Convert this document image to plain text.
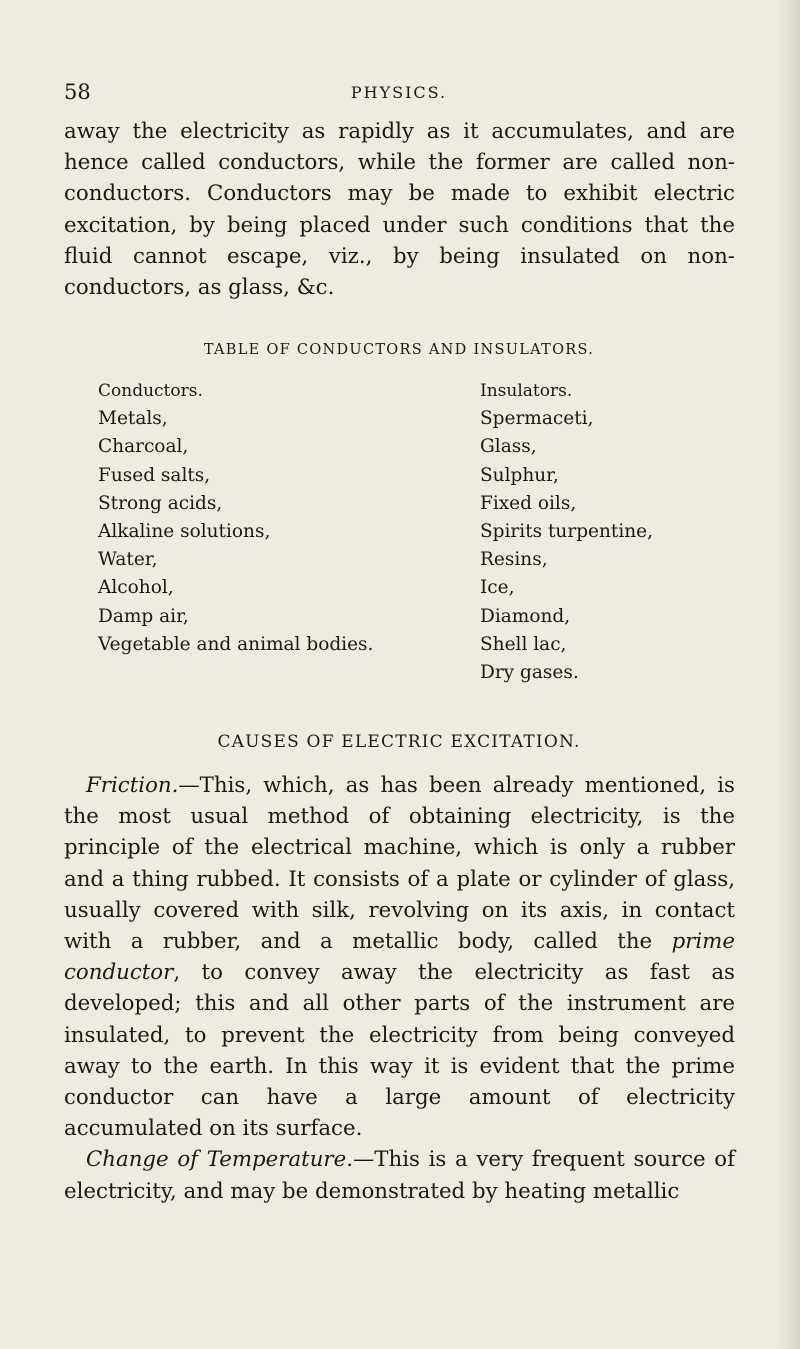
58	PHYSICS.

away the electricity as rapidly as it accumulates, and are hence called conductors, while the former are called non-conductors. Conductors may be made to exhibit electric excitation, by being placed under such conditions that the fluid cannot escape, viz., by being insulated on non-conductors, as glass, &c.

TABLE OF CONDUCTORS AND INSULATORS.
Conductors.
Metals,
Charcoal,
Fused salts,
Strong acids,
Alkaline solutions,
Water,
Alcohol,
Damp air,
Vegetable and animal bodies.
Insulators.
Spermaceti,
Glass,
Sulphur,
Fixed oils,
Spirits turpentine,
Resins,
Ice,
Diamond,
Shell lac,
Dry gases.
CAUSES OF ELECTRIC EXCITATION.

Friction.—This, which, as has been already mentioned, is the most usual method of obtaining electricity, is the principle of the electrical machine, which is only a rubber and a thing rubbed. It consists of a plate or cylinder of glass, usually covered with silk, revolving on its axis, in contact with a rubber, and a metallic body, called the prime conductor, to convey away the electricity as fast as developed; this and all other parts of the instrument are insulated, to prevent the electricity from being conveyed away to the earth. In this way it is evident that the prime conductor can have a large amount of electricity accumulated on its surface.

Change of Temperature.—This is a very frequent source of electricity, and may be demonstrated by heating metallic
